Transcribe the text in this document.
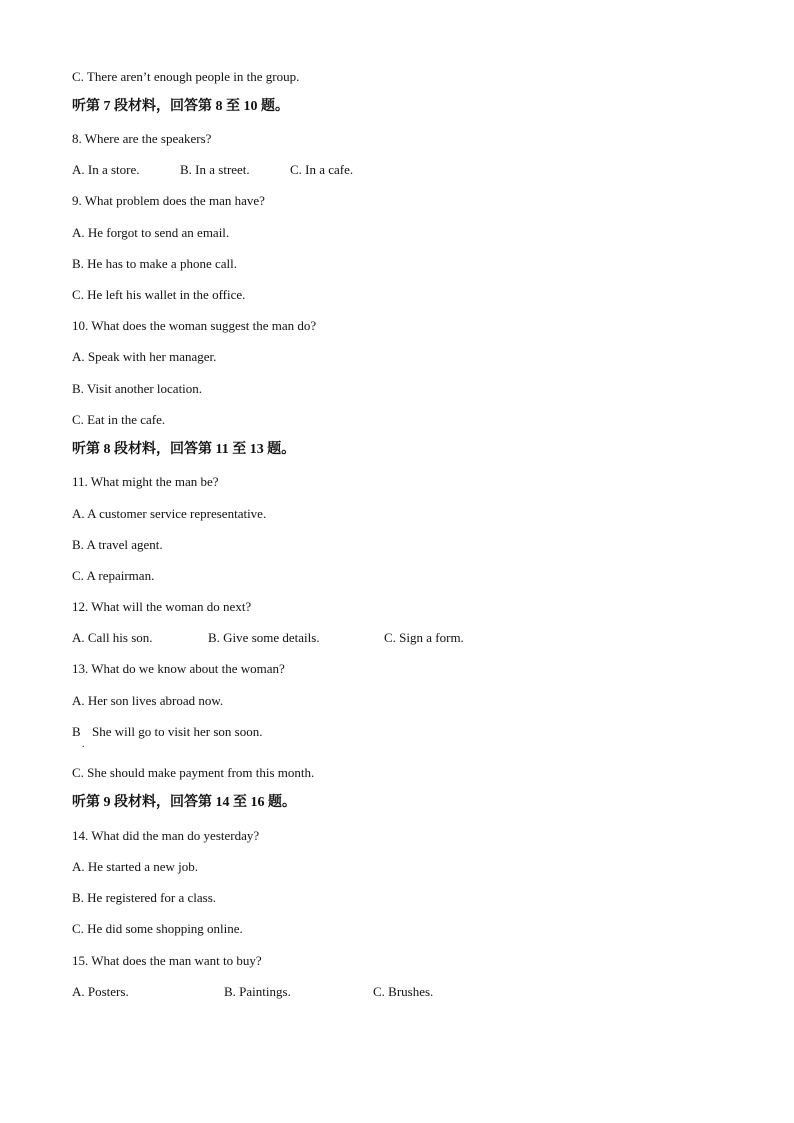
C. There aren’t enough people in the group.
听第 7 段材料，回答第 8 至 10 题。
8. Where are the speakers?
A. In a store.	B. In a street.	C. In a cafe.
9. What problem does the man have?
A. He forgot to send an email.
B. He has to make a phone call.
C. He left his wallet in the office.
10. What does the woman suggest the man do?
A. Speak with her manager.
B. Visit another location.
C. Eat in the cafe.
听第 8 段材料，回答第 11 至 13 题。
11. What might the man be?
A. A customer service representative.
B. A travel agent.
C. A repairman.
12. What will the woman do next?
A. Call his son.	B. Give some details.	C. Sign a form.
13. What do we know about the woman?
A. Her son lives abroad now.
B
.
She will go to visit her son soon.
C. She should make payment from this month.
听第 9 段材料，回答第 14 至 16 题。
14. What did the man do yesterday?
A. He started a new job.
B. He registered for a class.
C. He did some shopping online.
15. What does the man want to buy?
A. Posters.	B. Paintings.	C. Brushes.
